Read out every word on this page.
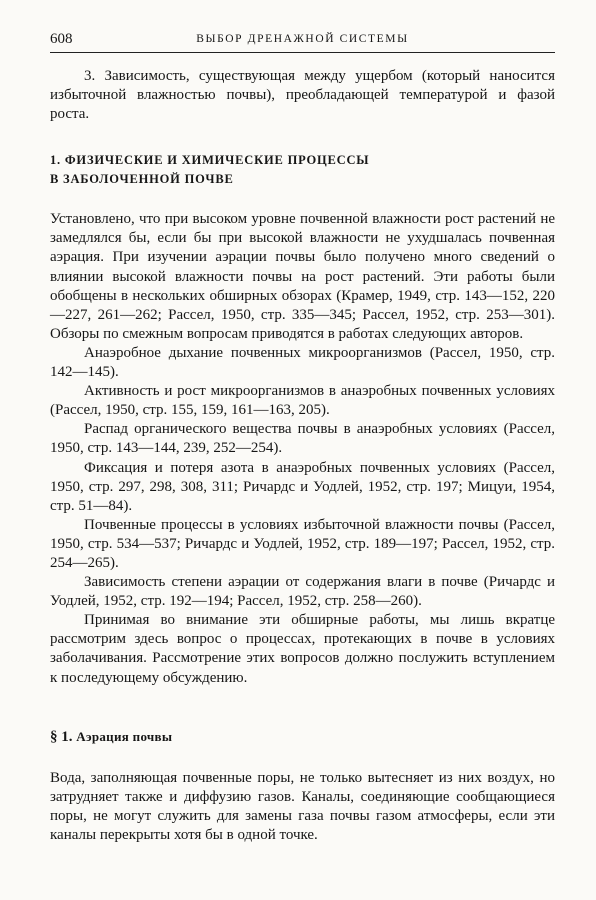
608	ВЫБОР ДРЕНАЖНОЙ СИСТЕМЫ

3. Зависимость, существующая между ущербом (который наносится избыточной влажностью почвы), преобладающей температурой и фазой роста.

1. ФИЗИЧЕСКИЕ И ХИМИЧЕСКИЕ ПРОЦЕССЫ
В ЗАБОЛОЧЕННОЙ ПОЧВЕ

Установлено, что при высоком уровне почвенной влажности рост растений не замедлялся бы, если бы при высокой влажности не ухудшалась почвенная аэрация. При изучении аэрации почвы было получено много сведений о влиянии высокой влажности почвы на рост растений. Эти работы были обобщены в нескольких обширных обзорах (Крамер, 1949, стр. 143—152, 220—227, 261—262; Рассел, 1950, стр. 335—345; Рассел, 1952, стр. 253—301). Обзоры по смежным вопросам приводятся в работах следующих авторов.

Анаэробное дыхание почвенных микроорганизмов (Рассел, 1950, стр. 142—145).

Активность и рост микроорганизмов в анаэробных почвенных условиях (Рассел, 1950, стр. 155, 159, 161—163, 205).

Распад органического вещества почвы в анаэробных условиях (Рассел, 1950, стр. 143—144, 239, 252—254).

Фиксация и потеря азота в анаэробных почвенных условиях (Рассел, 1950, стр. 297, 298, 308, 311; Ричардс и Уодлей, 1952, стр. 197; Мицуи, 1954, стр. 51—84).

Почвенные процессы в условиях избыточной влажности почвы (Рассел, 1950, стр. 534—537; Ричардс и Уодлей, 1952, стр. 189—197; Рассел, 1952, стр. 254—265).

Зависимость степени аэрации от содержания влаги в почве (Ричардс и Уодлей, 1952, стр. 192—194; Рассел, 1952, стр. 258—260).

Принимая во внимание эти обширные работы, мы лишь вкратце рассмотрим здесь вопрос о процессах, протекающих в почве в условиях заболачивания. Рассмотрение этих вопросов должно послужить вступлением к последующему обсуждению.

§ 1. Аэрация почвы

Вода, заполняющая почвенные поры, не только вытесняет из них воздух, но затрудняет также и диффузию газов. Каналы, соединяющие сообщающиеся поры, не могут служить для замены газа почвы газом атмосферы, если эти каналы перекрыты хотя бы в одной точке.
